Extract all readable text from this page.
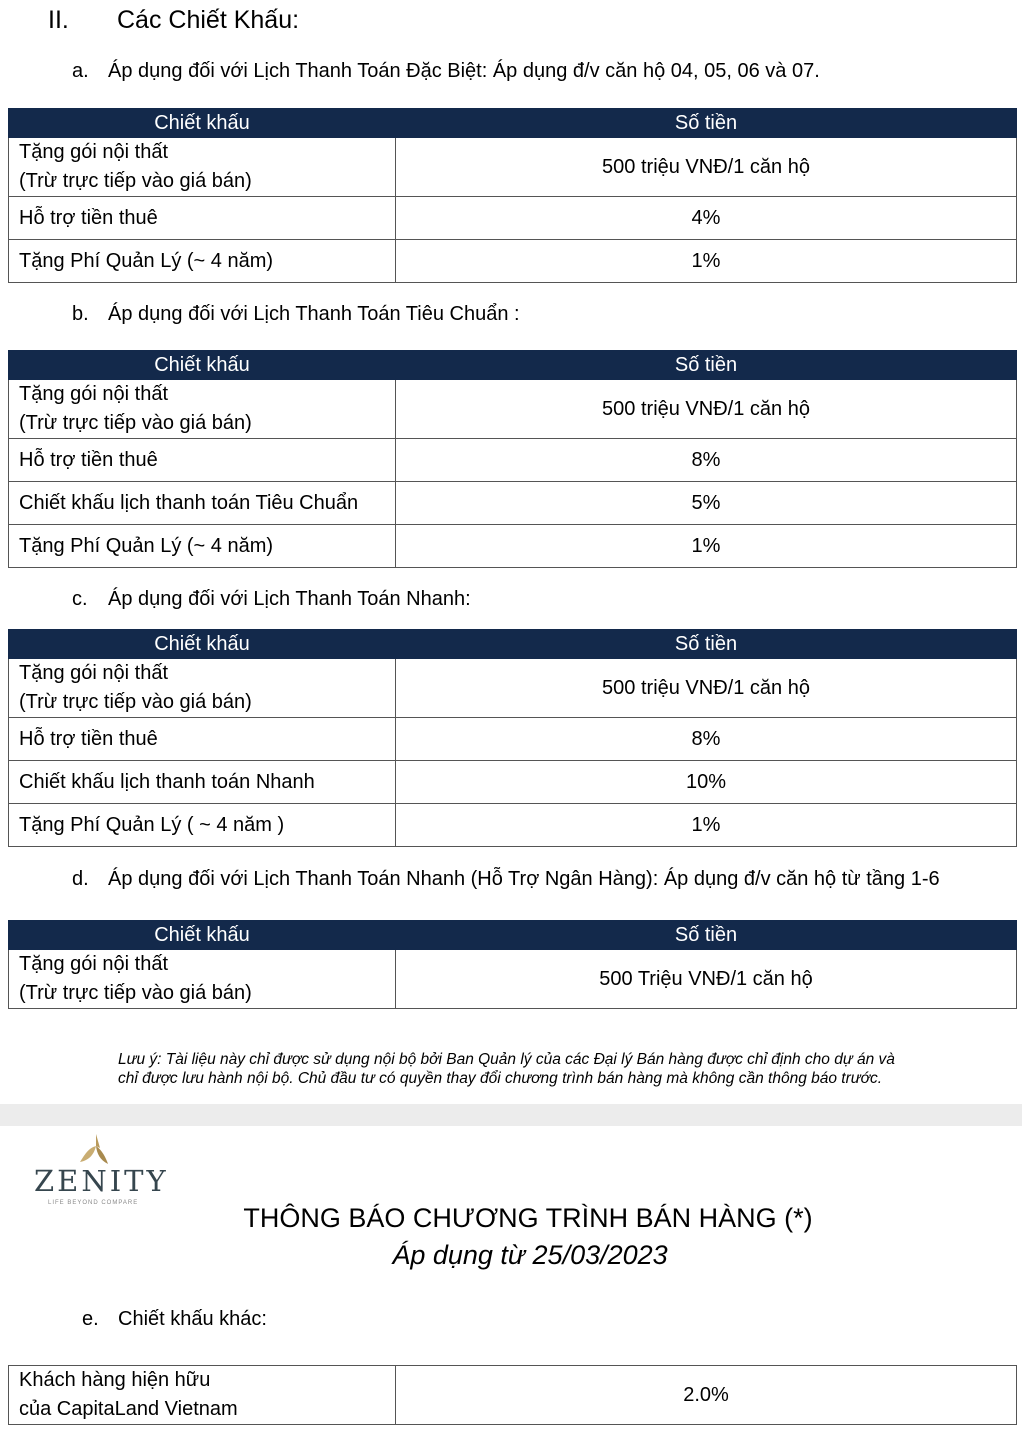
II. Các Chiết Khấu:
a. Áp dụng đối với Lịch Thanh Toán Đặc Biệt: Áp dụng đ/v căn hộ 04, 05, 06 và 07.
Chiết khấu	Số tiền
Tặng gói nội thất
(Trừ trực tiếp vào giá bán)	500 triệu VNĐ/1 căn hộ
Hỗ trợ tiền thuê	4%
Tặng Phí Quản Lý (~ 4 năm)	1%
b. Áp dụng đối với Lịch Thanh Toán Tiêu Chuẩn :
Chiết khấu	Số tiền
Tặng gói nội thất
(Trừ trực tiếp vào giá bán)	500 triệu VNĐ/1 căn hộ
Hỗ trợ tiền thuê	8%
Chiết khấu lịch thanh toán Tiêu Chuẩn	5%
Tặng Phí Quản Lý (~ 4 năm)	1%
c. Áp dụng đối với Lịch Thanh Toán Nhanh:
Chiết khấu	Số tiền
Tặng gói nội thất
(Trừ trực tiếp vào giá bán)	500 triệu VNĐ/1 căn hộ
Hỗ trợ tiền thuê	8%
Chiết khấu lịch thanh toán Nhanh	10%
Tặng Phí Quản Lý ( ~ 4 năm )	1%
d. Áp dụng đối với Lịch Thanh Toán Nhanh (Hỗ Trợ Ngân Hàng): Áp dụng đ/v căn hộ từ tầng 1-6
Chiết khấu	Số tiền
Tặng gói nội thất
(Trừ trực tiếp vào giá bán)	500 Triệu VNĐ/1 căn hộ
Lưu ý: Tài liệu này chỉ được sử dụng nội bộ bởi Ban Quản lý của các Đại lý Bán hàng được chỉ định cho dự án và
chỉ được lưu hành nội bộ. Chủ đầu tư có quyền thay đổi chương trình bán hàng mà không cần thông báo trước.
ZENITY
LIFE BEYOND COMPARE	THÔNG BÁO CHƯƠNG TRÌNH BÁN HÀNG (*)
Áp dụng từ 25/03/2023
e. Chiết khấu khác:
Khách hàng hiện hữu
của CapitaLand Vietnam	2.0%
